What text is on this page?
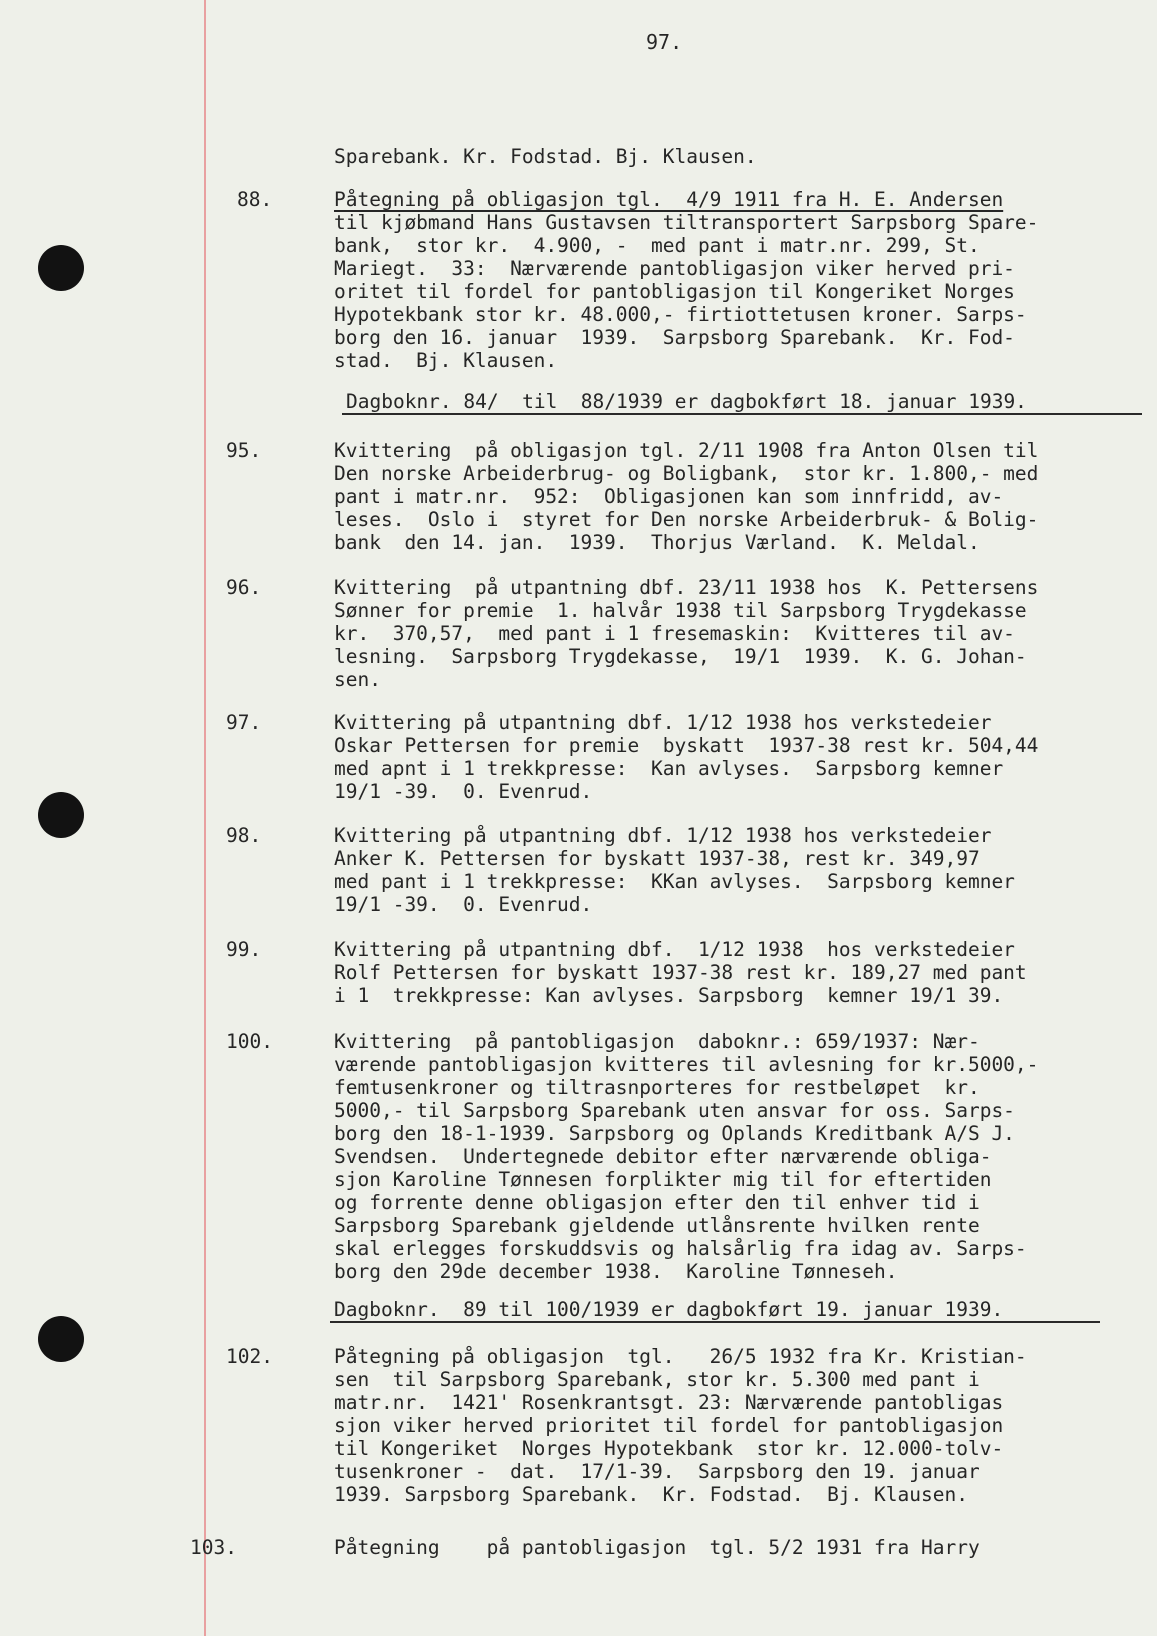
97.
Sparebank. Kr. Fodstad. Bj. Klausen.
88.	Påtegning på obligasjon tgl.  4/9 1911 fra H. E. Andersen
til kjøbmand Hans Gustavsen tiltransportert Sarpsborg Spare-
bank,  stor kr.  4.900, -  med pant i matr.nr. 299, St.
Mariegt.  33:  Nærværende pantobligasjon viker herved pri-
oritet til fordel for pantobligasjon til Kongeriket Norges
Hypotekbank stor kr. 48.000,- firtiottetusen kroner. Sarps-
borg den 16. januar  1939.  Sarpsborg Sparebank.  Kr. Fod-
stad.  Bj. Klausen.
Dagboknr. 84/  til  88/1939 er dagbokført 18. januar 1939.
95.	Kvittering  på obligasjon tgl. 2/11 1908 fra Anton Olsen til
Den norske Arbeiderbrug- og Boligbank,  stor kr. 1.800,- med
pant i matr.nr.  952:  Obligasjonen kan som innfridd, av-
leses.  Oslo i  styret for Den norske Arbeiderbruk- & Bolig-
bank  den 14. jan.  1939.  Thorjus Værland.  K. Meldal.
96.	Kvittering  på utpantning dbf. 23/11 1938 hos  K. Pettersens
Sønner for premie  1. halvår 1938 til Sarpsborg Trygdekasse
kr.  370,57,  med pant i 1 fresemaskin:  Kvitteres til av-
lesning.  Sarpsborg Trygdekasse,  19/1  1939.  K. G. Johan-
sen.
97.	Kvittering på utpantning dbf. 1/12 1938 hos verkstedeier
Oskar Pettersen for premie  byskatt  1937-38 rest kr. 504,44
med apnt i 1 trekkpresse:  Kan avlyses.  Sarpsborg kemner
19/1 -39.  0. Evenrud.
98.	Kvittering på utpantning dbf. 1/12 1938 hos verkstedeier
Anker K. Pettersen for byskatt 1937-38, rest kr. 349,97
med pant i 1 trekkpresse:  KKan avlyses.  Sarpsborg kemner
19/1 -39.  0. Evenrud.
99.	Kvittering på utpantning dbf.  1/12 1938  hos verkstedeier
Rolf Pettersen for byskatt 1937-38 rest kr. 189,27 med pant
i 1  trekkpresse: Kan avlyses. Sarpsborg  kemner 19/1 39.
100.	Kvittering  på pantobligasjon  daboknr.: 659/1937: Nær-
værende pantobligasjon kvitteres til avlesning for kr.5000,-
femtusenkroner og tiltrasnporteres for restbeløpet  kr.
5000,- til Sarpsborg Sparebank uten ansvar for oss. Sarps-
borg den 18-1-1939. Sarpsborg og Oplands Kreditbank A/S J.
Svendsen.  Undertegnede debitor efter nærværende obliga-
sjon Karoline Tønnesen forplikter mig til for eftertiden
og forrente denne obligasjon efter den til enhver tid i
Sarpsborg Sparebank gjeldende utlånsrente hvilken rente
skal erlegges forskuddsvis og halsårlig fra idag av. Sarps-
borg den 29de december 1938.  Karoline Tønneseh.
Dagboknr.  89 til 100/1939 er dagbokført 19. januar 1939.
102.	Påtegning på obligasjon  tgl.   26/5 1932 fra Kr. Kristian-
sen  til Sarpsborg Sparebank, stor kr. 5.300 med pant i
matr.nr.  1421' Rosenkrantsgt. 23: Nærværende pantobligas
sjon viker herved prioritet til fordel for pantobligasjon
til Kongeriket  Norges Hypotekbank  stor kr. 12.000-tolv-
tusenkroner -  dat.  17/1-39.  Sarpsborg den 19. januar
1939. Sarpsborg Sparebank.  Kr. Fodstad.  Bj. Klausen.
103.	Påtegning    på pantobligasjon  tgl. 5/2 1931 fra Harry
